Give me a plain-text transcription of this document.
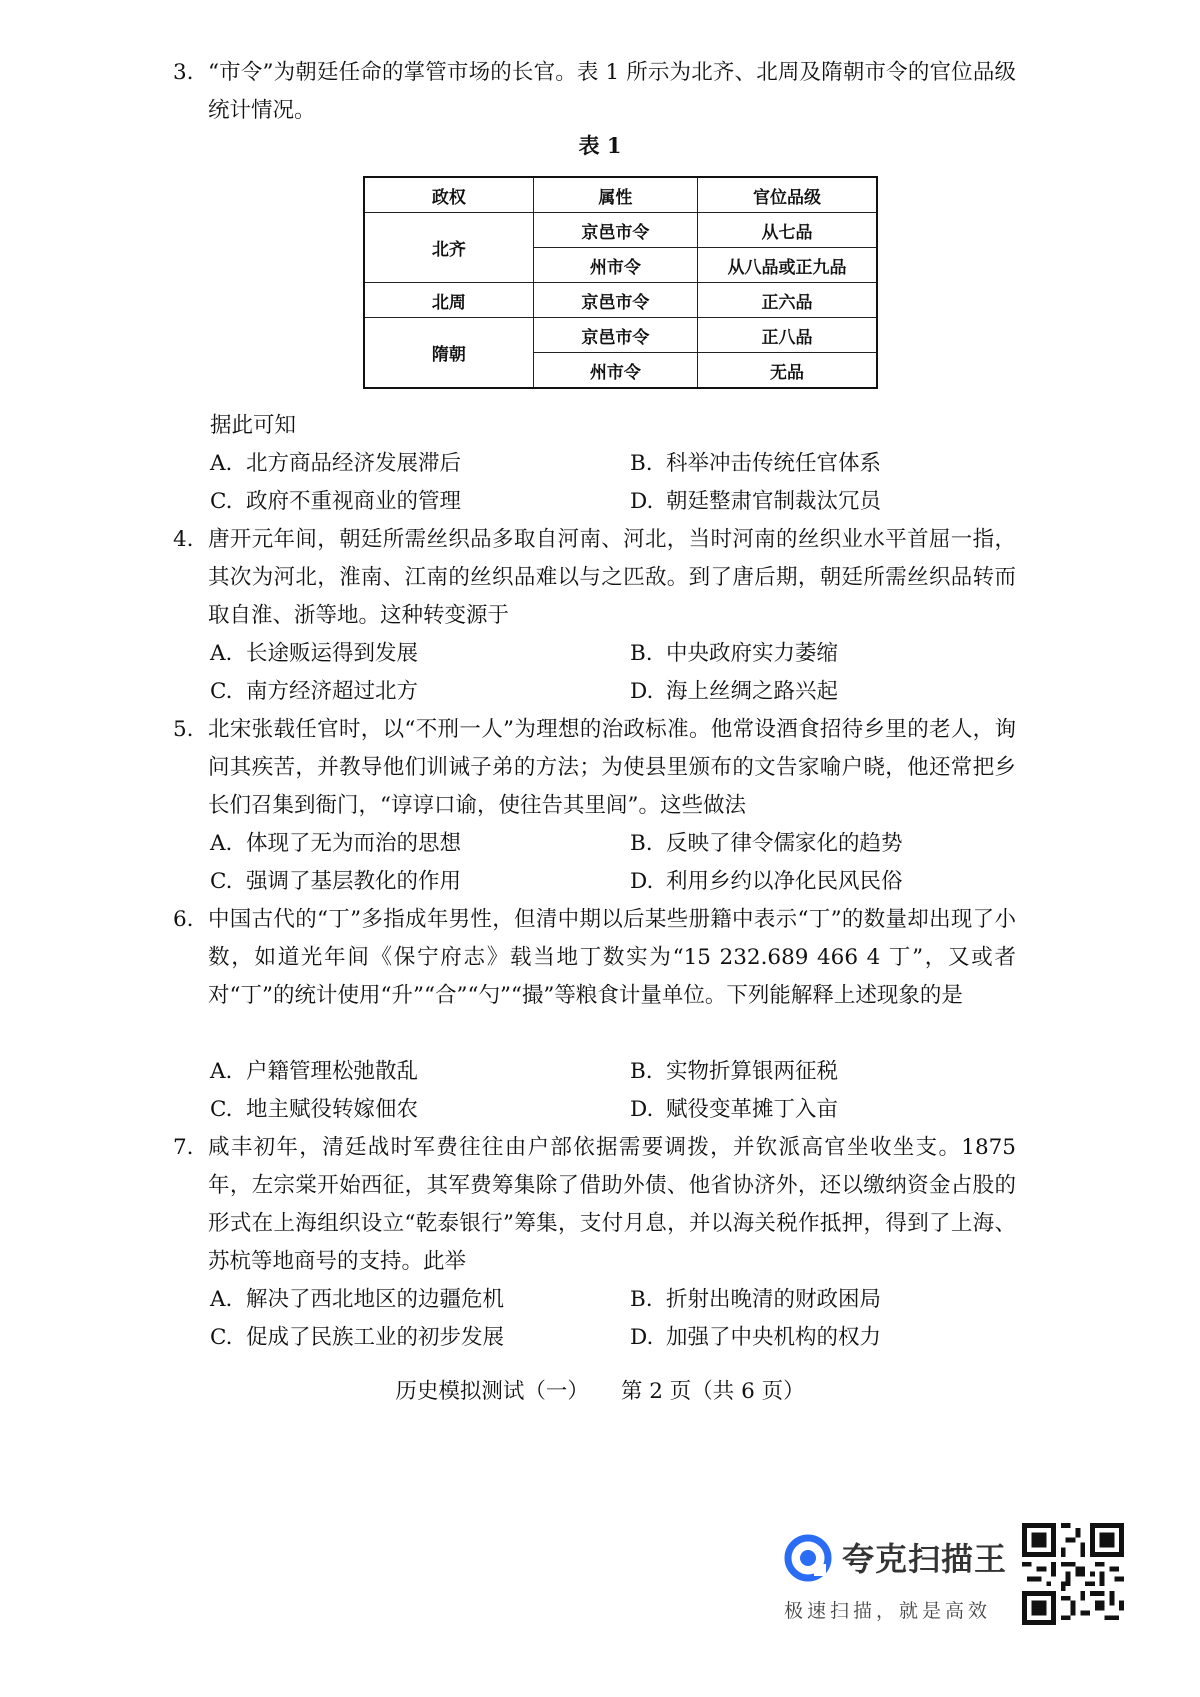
3. “市令”为朝廷任命的掌管市场的长官。表 1 所示为北齐、北周及隋朝市令的官位品级统计情况。
表 1
政权	属性	官位品级
北齐	京邑市令	从七品
	州市令	从八品或正九品
北周	京邑市令	正六品
隋朝	京邑市令	正八品
	州市令	无品
据此可知
A. 北方商品经济发展滞后	B. 科举冲击传统任官体系
C. 政府不重视商业的管理	D. 朝廷整肃官制裁汰冗员
4. 唐开元年间，朝廷所需丝织品多取自河南、河北，当时河南的丝织业水平首屈一指，其次为河北，淮南、江南的丝织品难以与之匹敌。到了唐后期，朝廷所需丝织品转而取自淮、浙等地。这种转变源于
A. 长途贩运得到发展	B. 中央政府实力萎缩
C. 南方经济超过北方	D. 海上丝绸之路兴起
5. 北宋张载任官时，以“不刑一人”为理想的治政标准。他常设酒食招待乡里的老人，询问其疾苦，并教导他们训诫子弟的方法；为使县里颁布的文告家喻户晓，他还常把乡长们召集到衙门，“谆谆口谕，使往告其里闾”。这些做法
A. 体现了无为而治的思想	B. 反映了律令儒家化的趋势
C. 强调了基层教化的作用	D. 利用乡约以净化民风民俗
6. 中国古代的“丁”多指成年男性，但清中期以后某些册籍中表示“丁”的数量却出现了小数，如道光年间《保宁府志》载当地丁数实为“15 232.689 466 4 丁”，又或者对“丁”的统计使用“升”“合”“勺”“撮”等粮食计量单位。下列能解释上述现象的是
A. 户籍管理松弛散乱	B. 实物折算银两征税
C. 地主赋役转嫁佃农	D. 赋役变革摊丁入亩
7. 咸丰初年，清廷战时军费往往由户部依据需要调拨，并钦派高官坐收坐支。1875 年，左宗棠开始西征，其军费筹集除了借助外债、他省协济外，还以缴纳资金占股的形式在上海组织设立“乾泰银行”筹集，支付月息，并以海关税作抵押，得到了上海、苏杭等地商号的支持。此举
A. 解决了西北地区的边疆危机	B. 折射出晚清的财政困局
C. 促成了民族工业的初步发展	D. 加强了中央机构的权力
历史模拟测试（一） 第 2 页（共 6 页）
夸克扫描王
极速扫描，就是高效
